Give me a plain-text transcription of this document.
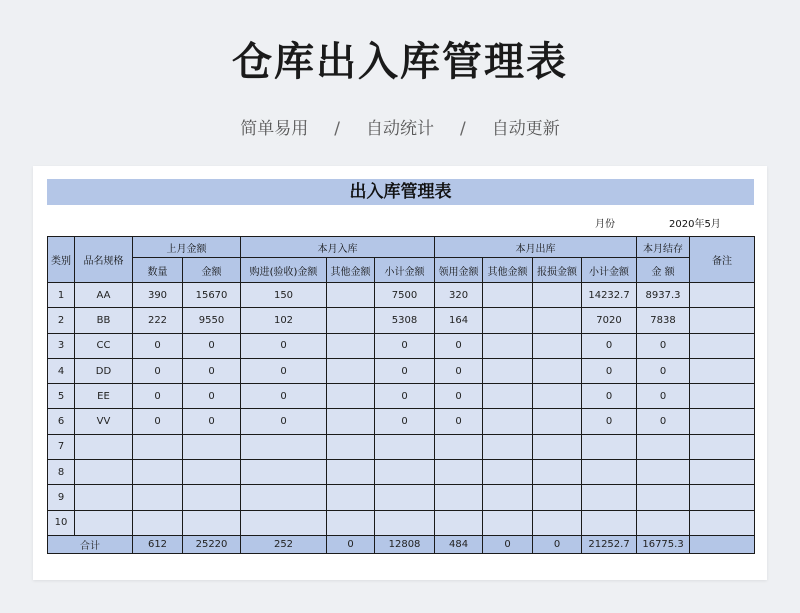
仓库出入库管理表
简单易用 / 自动统计 / 自动更新
出入库管理表
月份	2020年5月
类别	品名规格	上月金额		本月入库			本月出库				本月结存	备注
		数量	金额	购进(验收)金额	其他金额	小计金额	领用金额	其他金额	报损金额	小计金额	金 额	
1	AA	390	15670	150		7500	320			14232.7	8937.3	
2	BB	222	9550	102		5308	164			7020	7838	
3	CC	0	0	0		0	0			0	0	
4	DD	0	0	0		0	0			0	0	
5	EE	0	0	0		0	0			0	0	
6	VV	0	0	0		0	0			0	0	
7												
8												
9												
10												
合计		612	25220	252	0	12808	484	0	0	21252.7	16775.3	
